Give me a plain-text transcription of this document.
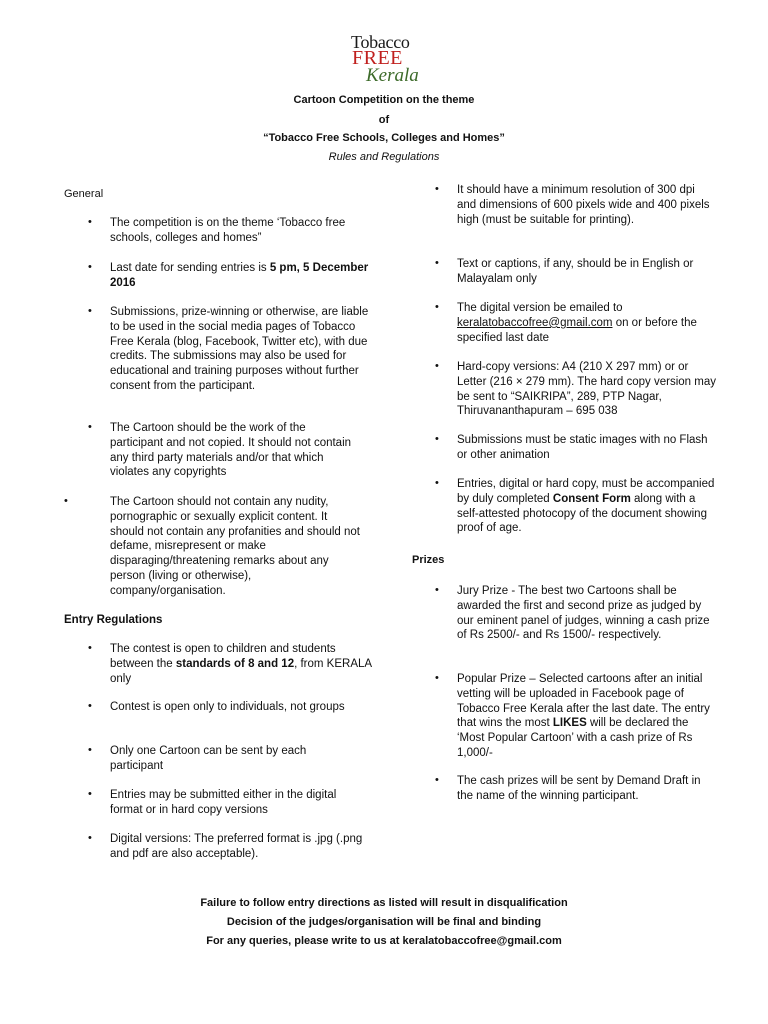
Tobacco
FREE
Kerala
Cartoon Competition on the theme
of
“Tobacco Free Schools, Colleges and Homes”
Rules and Regulations
General
• The competition is on the theme ‘Tobacco free schools, colleges and homes”
• Last date for sending entries is 5 pm, 5 December 2016
• Submissions, prize-winning or otherwise, are liable to be used in the social media pages of Tobacco Free Kerala (blog, Facebook, Twitter etc), with due credits. The submissions may also be used for educational and training purposes without further consent from the participant.
• The Cartoon should be the work of the participant and not copied. It should not contain any third party materials and/or that which violates any copyrights
•	The Cartoon should not contain any nudity, pornographic or sexually explicit content. It should not contain any profanities and should not defame, misrepresent or make disparaging/threatening remarks about any person (living or otherwise), company/organisation.
Entry Regulations
• The contest is open to children and students between the standards of 8 and 12, from KERALA only
• Contest is open only to individuals, not groups
• Only one Cartoon can be sent by each participant
• Entries may be submitted either in the digital format or in hard copy versions
• Digital versions: The preferred format is .jpg (.png and pdf are also acceptable).
• It should have a minimum resolution of 300 dpi and dimensions of 600 pixels wide and 400 pixels high (must be suitable for printing).
• Text or captions, if any, should be in English or Malayalam only
• The digital version be emailed to keralatobaccofree@gmail.com on or before the specified last date
• Hard-copy versions: A4 (210 X 297 mm) or or Letter (216 × 279 mm). The hard copy version may be sent to “SAIKRIPA”, 289, PTP Nagar, Thiruvananthapuram – 695 038
• Submissions must be static images with no Flash or other animation
• Entries, digital or hard copy, must be accompanied by duly completed Consent Form along with a self-attested photocopy of the document showing proof of age.
Prizes
• Jury Prize - The best two Cartoons shall be awarded the first and second prize as judged by our eminent panel of judges, winning a cash prize of Rs 2500/- and Rs 1500/- respectively.
• Popular Prize – Selected cartoons after an initial vetting will be uploaded in Facebook page of Tobacco Free Kerala after the last date. The entry that wins the most LIKES will be declared the ‘Most Popular Cartoon’ with a cash prize of Rs 1,000/-
• The cash prizes will be sent by Demand Draft in the name of the winning participant.
Failure to follow entry directions as listed will result in disqualification
Decision of the judges/organisation will be final and binding
For any queries, please write to us at keralatobaccofree@gmail.com
